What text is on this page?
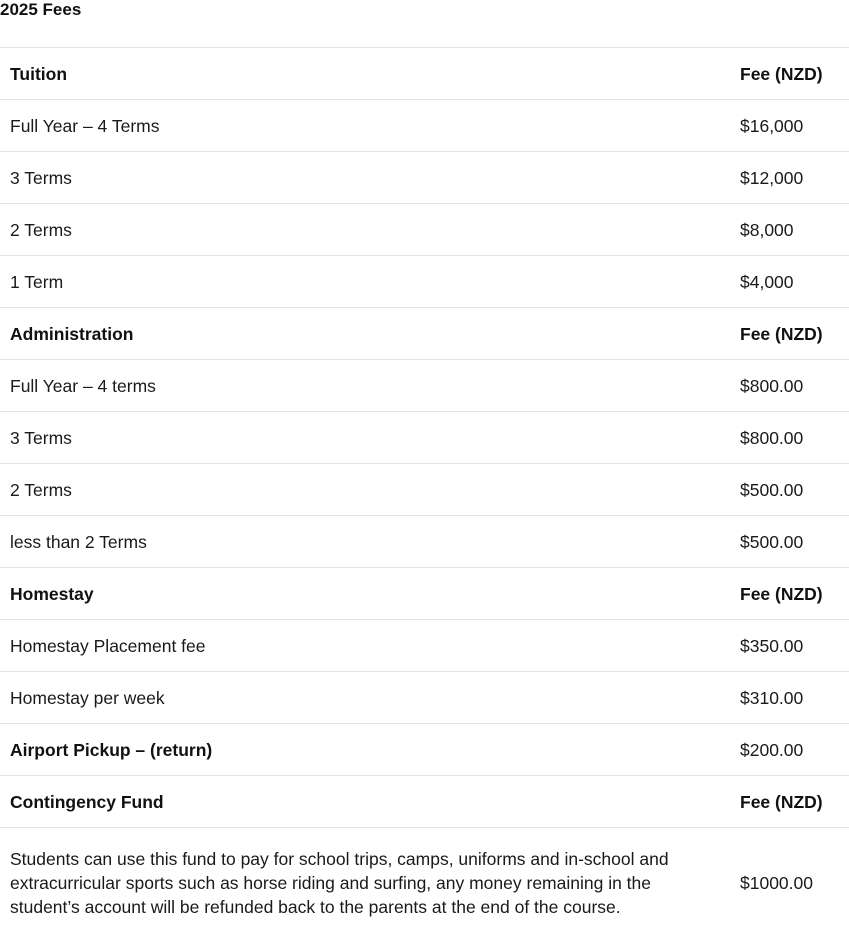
2025 Fees
Tuition	Fee (NZD)
Full Year – 4 Terms	$16,000
3 Terms	$12,000
2 Terms	$8,000
1 Term	$4,000
Administration	Fee (NZD)
Full Year – 4 terms	$800.00
3 Terms	$800.00
2 Terms	$500.00
less than 2 Terms	$500.00
Homestay	Fee (NZD)
Homestay Placement fee	$350.00
Homestay per week	$310.00
Airport Pickup – (return)	$200.00
Contingency Fund	Fee (NZD)
Students can use this fund to pay for school trips, camps, uniforms and in-school and extracurricular sports such as horse riding and surfing, any money remaining in the student’s account will be refunded back to the parents at the end of the course.	$1000.00
